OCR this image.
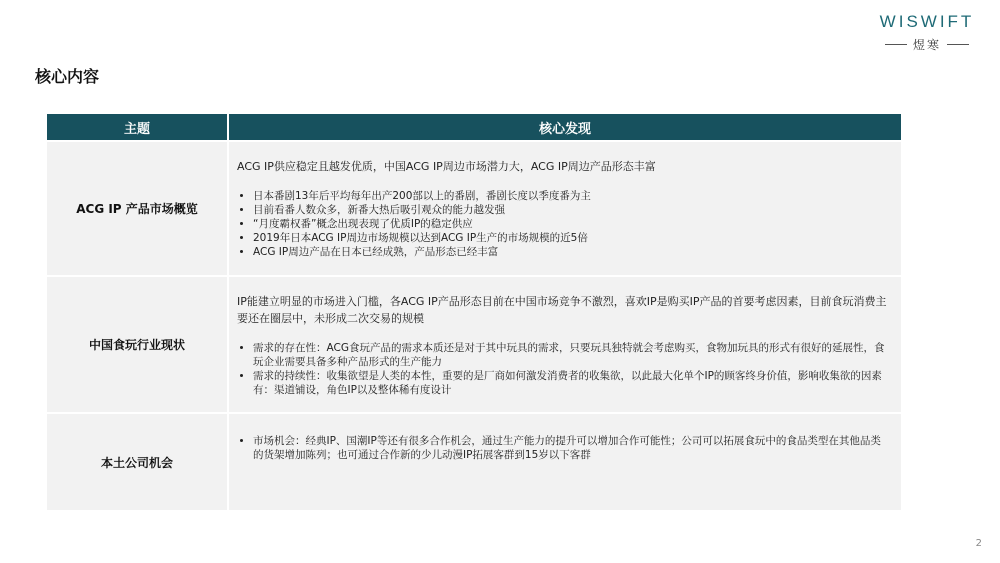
WISWIFT
煜寒
核心内容
主题	核心发现
ACG IP 产品市场概览
ACG IP供应稳定且越发优质，中国ACG IP周边市场潜力大，ACG IP周边产品形态丰富
• 日本番剧13年后平均每年出产200部以上的番剧，番剧长度以季度番为主
• 目前看番人数众多，新番大热后吸引观众的能力越发强
• “月度霸权番”概念出现表现了优质IP的稳定供应
• 2019年日本ACG IP周边市场规模以达到ACG IP生产的市场规模的近5倍
• ACG IP周边产品在日本已经成熟，产品形态已经丰富
中国食玩行业现状
IP能建立明显的市场进入门槛，各ACG IP产品形态目前在中国市场竞争不激烈，喜欢IP是购买IP产品的首要考虑因素，目前食玩消费主要还在圈层中，未形成二次交易的规模
• 需求的存在性：ACG食玩产品的需求本质还是对于其中玩具的需求，只要玩具独特就会考虑购买，食物加玩具的形式有很好的延展性，食玩企业需要具备多种产品形式的生产能力
• 需求的持续性：收集欲望是人类的本性，重要的是厂商如何激发消费者的收集欲，以此最大化单个IP的顾客终身价值，影响收集欲的因素有：渠道铺设，角色IP以及整体稀有度设计
本土公司机会
• 市场机会：经典IP、国潮IP等还有很多合作机会，通过生产能力的提升可以增加合作可能性；公司可以拓展食玩中的食品类型在其他品类的货架增加陈列；也可通过合作新的少儿动漫IP拓展客群到15岁以下客群
2
